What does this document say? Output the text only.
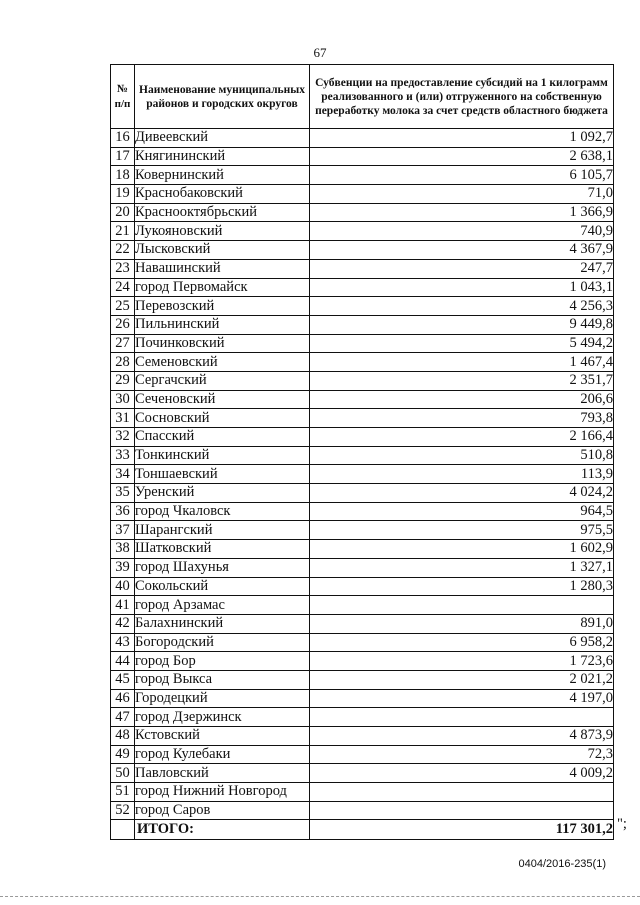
67
№ п/п	Наименование муниципальных районов и городских округов	Субвенции на предоставление субсидий на 1 килограмм реализованного и (или) отгруженного на собственную переработку молока за счет средств областного бюджета
16	Дивеевский	1 092,7
17	Княгининский	2 638,1
18	Ковернинский	6 105,7
19	Краснобаковский	71,0
20	Краснооктябрьский	1 366,9
21	Лукояновский	740,9
22	Лысковский	4 367,9
23	Навашинский	247,7
24	город Первомайск	1 043,1
25	Перевозский	4 256,3
26	Пильнинский	9 449,8
27	Починковский	5 494,2
28	Семеновский	1 467,4
29	Сергачский	2 351,7
30	Сеченовский	206,6
31	Сосновский	793,8
32	Спасский	2 166,4
33	Тонкинский	510,8
34	Тоншаевский	113,9
35	Уренский	4 024,2
36	город Чкаловск	964,5
37	Шарангский	975,5
38	Шатковский	1 602,9
39	город Шахунья	1 327,1
40	Сокольский	1 280,3
41	город Арзамас	
42	Балахнинский	891,0
43	Богородский	6 958,2
44	город Бор	1 723,6
45	город Выкса	2 021,2
46	Городецкий	4 197,0
47	город Дзержинск	
48	Кстовский	4 873,9
49	город Кулебаки	72,3
50	Павловский	4 009,2
51	город Нижний Новгород	
52	город Саров	
	ИТОГО:	117 301,2 ";
0404/2016-235(1)
